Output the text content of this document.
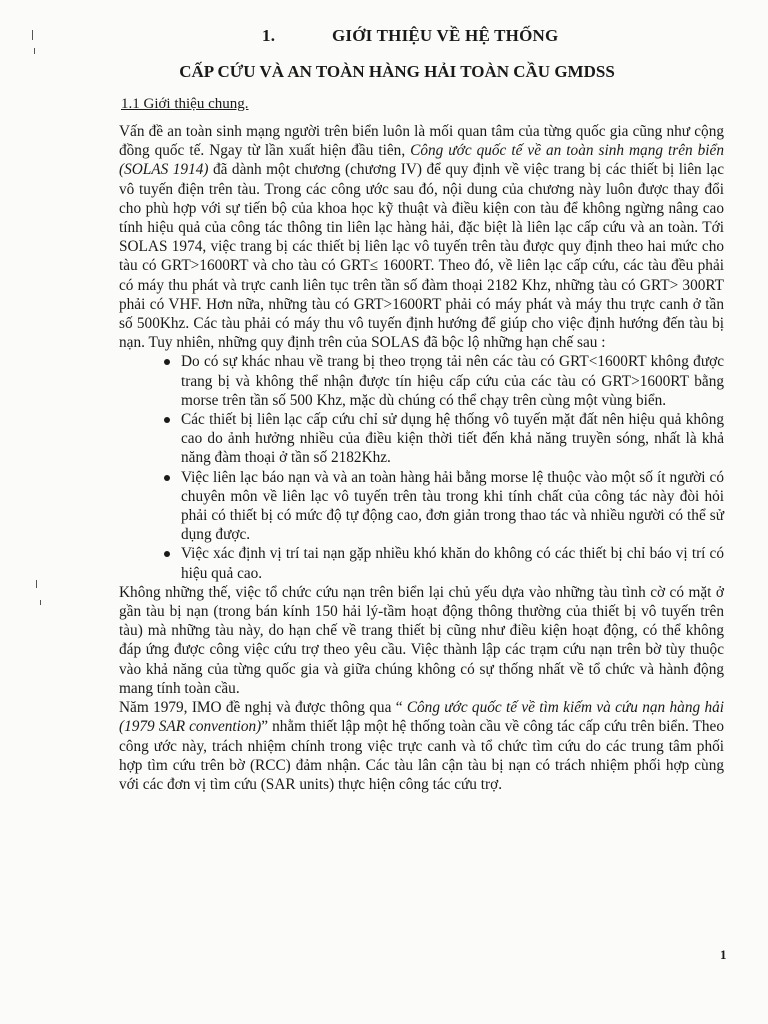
1.	GIỚI THIỆU VỀ HỆ THỐNG
CẤP CỨU VÀ AN TOÀN HÀNG HẢI TOÀN CẦU GMDSS
1.1 Giới thiệu chung.

Vấn đề an toàn sinh mạng người trên biển luôn là mối quan tâm của từng quốc gia cũng như cộng đồng quốc tế. Ngay từ lần xuất hiện đầu tiên, Công ước quốc tế về an toàn sinh mạng trên biển (SOLAS 1914) đã dành một chương (chương IV) để quy định về việc trang bị các thiết bị liên lạc vô tuyến điện trên tàu. Trong các công ước sau đó, nội dung của chương này luôn được thay đổi cho phù hợp với sự tiến bộ của khoa học kỹ thuật và điều kiện con tàu để không ngừng nâng cao tính hiệu quả của công tác thông tin liên lạc hàng hải, đặc biệt là liên lạc cấp cứu và an toàn. Tới SOLAS 1974, việc trang bị các thiết bị liên lạc vô tuyến trên tàu được quy định theo hai mức cho tàu có GRT>1600RT và cho tàu có GRT≤ 1600RT. Theo đó, về liên lạc cấp cứu, các tàu đều phải có máy thu phát và trực canh liên tục trên tần số đàm thoại 2182 Khz, những tàu có GRT> 300RT phải có VHF. Hơn nữa, những tàu có GRT>1600RT phải có máy phát và máy thu trực canh ở tần số 500Khz. Các tàu phải có máy thu vô tuyến định hướng để giúp cho việc định hướng đến tàu bị nạn. Tuy nhiên, những quy định trên của SOLAS đã bộc lộ những hạn chế sau :

Do có sự khác nhau về trang bị theo trọng tải nên các tàu có GRT<1600RT không được trang bị và không thể nhận được tín hiệu cấp cứu của các tàu có GRT>1600RT bằng morse trên tần số 500 Khz, mặc dù chúng có thể chạy trên cùng một vùng biển.
Các thiết bị liên lạc cấp cứu chỉ sử dụng hệ thống vô tuyến mặt đất nên hiệu quả không cao do ảnh hưởng nhiều của điều kiện thời tiết đến khả năng truyền sóng, nhất là khả năng đàm thoại ở tần số 2182Khz.
Việc liên lạc báo nạn và và an toàn hàng hải bằng morse lệ thuộc vào một số ít người có chuyên môn về liên lạc vô tuyến trên tàu trong khi tính chất của công tác này đòi hỏi phải có thiết bị có mức độ tự động cao, đơn giản trong thao tác và nhiều người có thể sử dụng được.
Việc xác định vị trí tai nạn gặp nhiều khó khăn do không có các thiết bị chỉ báo vị trí có hiệu quả cao.

Không những thế, việc tổ chức cứu nạn trên biển lại chủ yếu dựa vào những tàu tình cờ có mặt ở gần tàu bị nạn (trong bán kính 150 hải lý-tầm hoạt động thông thường của thiết bị vô tuyến trên tàu) mà những tàu này, do hạn chế về trang thiết bị cũng như điều kiện hoạt động, có thể không đáp ứng được công việc cứu trợ theo yêu cầu. Việc thành lập các trạm cứu nạn trên bờ tùy thuộc vào khả năng của từng quốc gia và giữa chúng không có sự thống nhất về tổ chức và hành động mang tính toàn cầu.

Năm 1979, IMO đề nghị và được thông qua “ Công ước quốc tế về tìm kiếm và cứu nạn hàng hải (1979 SAR convention)” nhằm thiết lập một hệ thống toàn cầu về công tác cấp cứu trên biển. Theo công ước này, trách nhiệm chính trong việc trực canh và tổ chức tìm cứu do các trung tâm phối hợp tìm cứu trên bờ (RCC) đảm nhận. Các tàu lân cận tàu bị nạn có trách nhiệm phối hợp cùng với các đơn vị tìm cứu (SAR units) thực hiện công tác cứu trợ.

1
